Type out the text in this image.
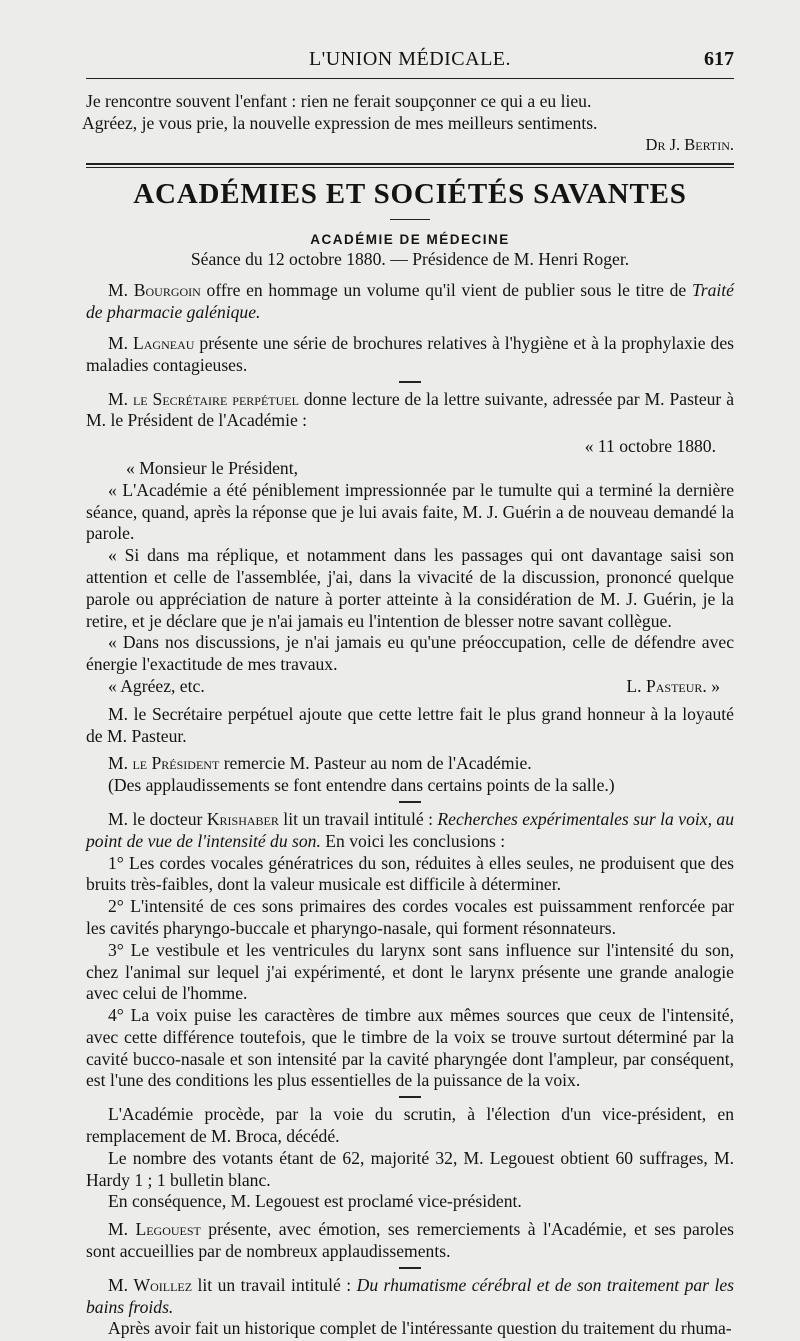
L'UNION MÉDICALE.	617

Je rencontre souvent l'enfant : rien ne ferait soupçonner ce qui a eu lieu.

Agréez, je vous prie, la nouvelle expression de mes meilleurs sentiments.

Dr J. Bertin.

ACADÉMIES ET SOCIÉTÉS SAVANTES

ACADÉMIE DE MÉDECINE

Séance du 12 octobre 1880. — Présidence de M. Henri Roger.

M. Bourgoin offre en hommage un volume qu'il vient de publier sous le titre de Traité de pharmacie galénique.

M. Lagneau présente une série de brochures relatives à l'hygiène et à la prophylaxie des maladies contagieuses.

M. le Secrétaire perpétuel donne lecture de la lettre suivante, adressée par M. Pasteur à M. le Président de l'Académie :

« 11 octobre 1880.

« Monsieur le Président,

« L'Académie a été péniblement impressionnée par le tumulte qui a terminé la dernière séance, quand, après la réponse que je lui avais faite, M. J. Guérin a de nouveau demandé la parole.

« Si dans ma réplique, et notamment dans les passages qui ont davantage saisi son attention et celle de l'assemblée, j'ai, dans la vivacité de la discussion, prononcé quelque parole ou appréciation de nature à porter atteinte à la considération de M. J. Guérin, je la retire, et je déclare que je n'ai jamais eu l'intention de blesser notre savant collègue.

« Dans nos discussions, je n'ai jamais eu qu'une préoccupation, celle de défendre avec énergie l'exactitude de mes travaux.

« Agréez, etc.	L. Pasteur. »

M. le Secrétaire perpétuel ajoute que cette lettre fait le plus grand honneur à la loyauté de M. Pasteur.

M. le Président remercie M. Pasteur au nom de l'Académie.

(Des applaudissements se font entendre dans certains points de la salle.)

M. le docteur Krishaber lit un travail intitulé : Recherches expérimentales sur la voix, au point de vue de l'intensité du son. En voici les conclusions :

1° Les cordes vocales génératrices du son, réduites à elles seules, ne produisent que des bruits très-faibles, dont la valeur musicale est difficile à déterminer.

2° L'intensité de ces sons primaires des cordes vocales est puissamment renforcée par les cavités pharyngo-buccale et pharyngo-nasale, qui forment résonnateurs.

3° Le vestibule et les ventricules du larynx sont sans influence sur l'intensité du son, chez l'animal sur lequel j'ai expérimenté, et dont le larynx présente une grande analogie avec celui de l'homme.

4° La voix puise les caractères de timbre aux mêmes sources que ceux de l'intensité, avec cette différence toutefois, que le timbre de la voix se trouve surtout déterminé par la cavité bucco-nasale et son intensité par la cavité pharyngée dont l'ampleur, par conséquent, est l'une des conditions les plus essentielles de la puissance de la voix.

L'Académie procède, par la voie du scrutin, à l'élection d'un vice-président, en remplacement de M. Broca, décédé.

Le nombre des votants étant de 62, majorité 32, M. Legouest obtient 60 suffrages, M. Hardy 1 ; 1 bulletin blanc.

En conséquence, M. Legouest est proclamé vice-président.

M. Legouest présente, avec émotion, ses remerciements à l'Académie, et ses paroles sont accueillies par de nombreux applaudissements.

M. Woillez lit un travail intitulé : Du rhumatisme cérébral et de son traitement par les bains froids.

Après avoir fait un historique complet de l'intéressante question du traitement du rhuma-
